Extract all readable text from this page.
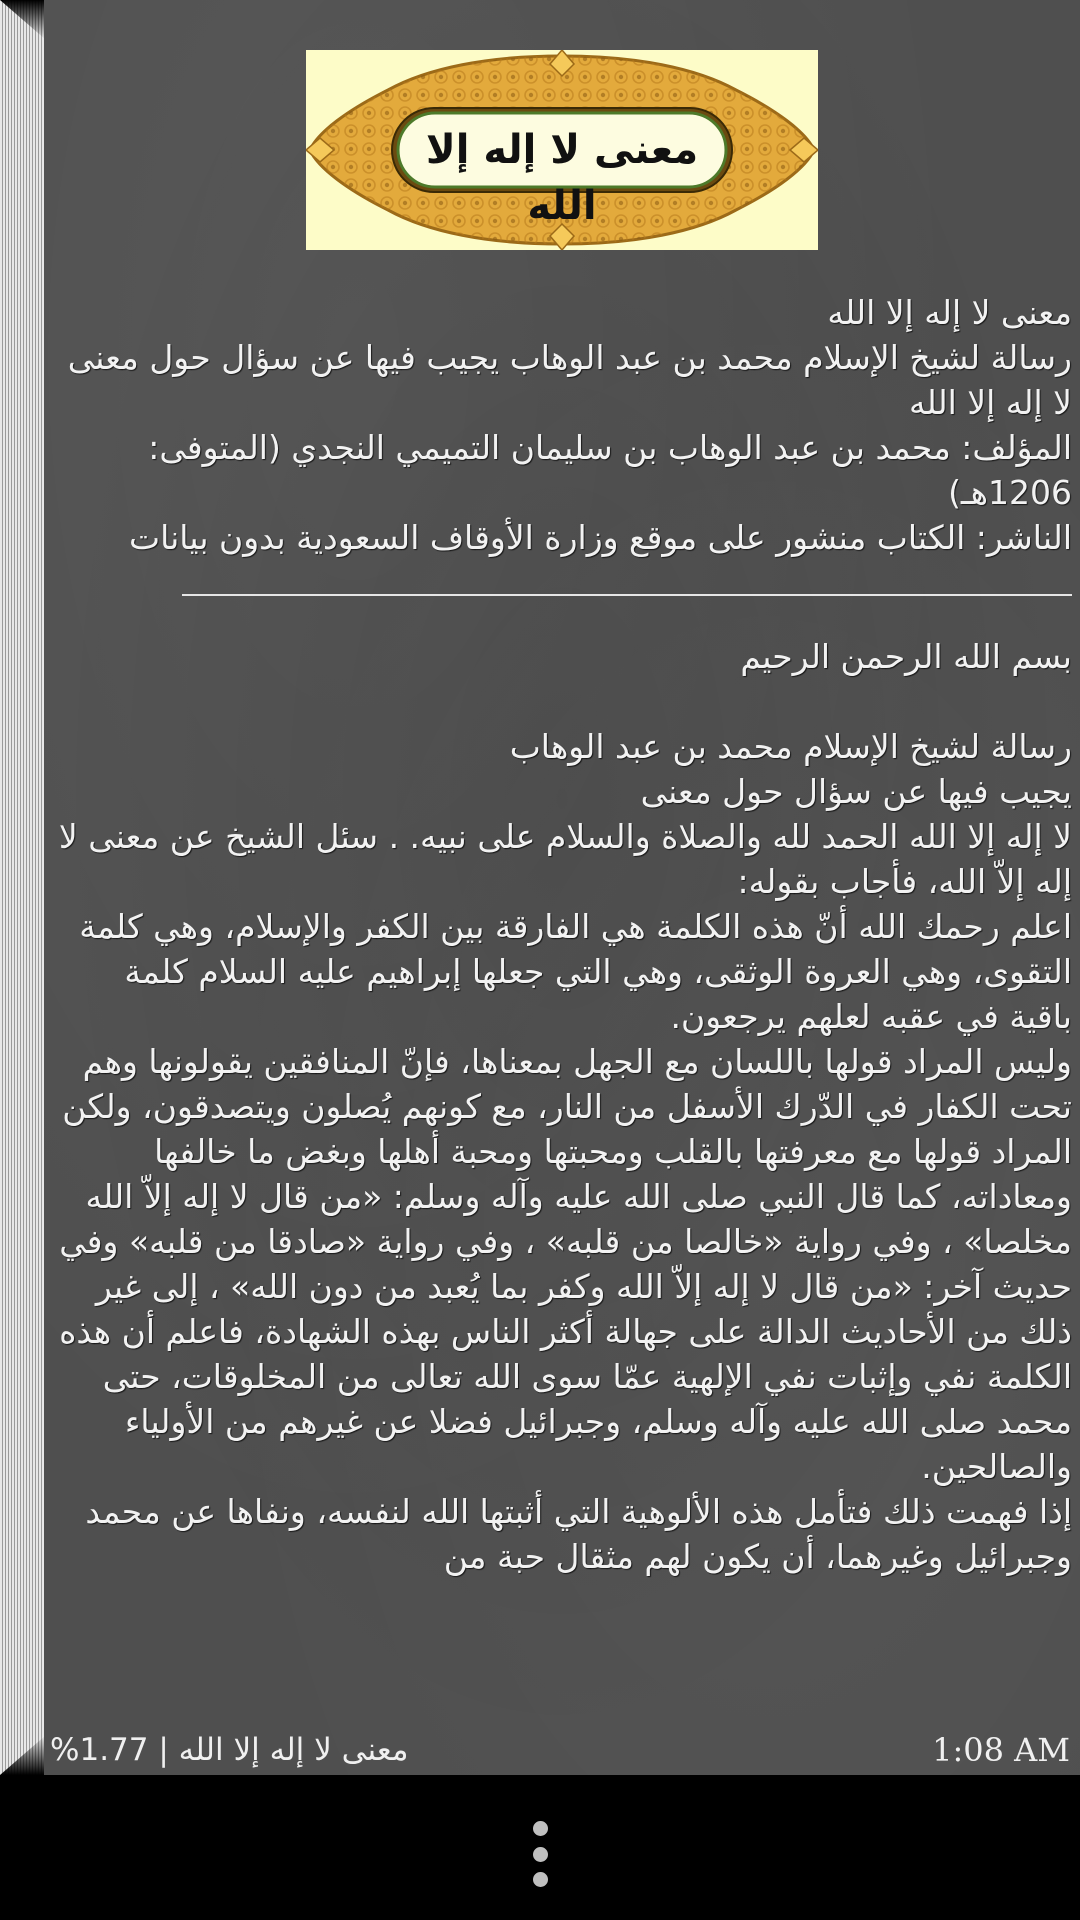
معنى لا إله إلا الله

معنى لا إله إلا الله

رسالة لشيخ الإسلام محمد بن عبد الوهاب يجيب فيها عن سؤال حول معنى لا إله إلا الله

المؤلف: محمد بن عبد الوهاب بن سليمان التميمي النجدي (المتوفى: 1206هـ)

الناشر: الكتاب منشور على موقع وزارة الأوقاف السعودية بدون بيانات

بسم الله الرحمن الرحيم

رسالة لشيخ الإسلام محمد بن عبد الوهاب

يجيب فيها عن سؤال حول معنى

لا إله إلا الله الحمد لله والصلاة والسلام على نبيه. . سئل الشيخ عن معنى لا إله إلاّ الله، فأجاب بقوله:

اعلم رحمك الله أنّ هذه الكلمة هي الفارقة بين الكفر والإسلام، وهي كلمة التقوى، وهي العروة الوثقى، وهي التي جعلها إبراهيم عليه السلام كلمة باقية في عقبه لعلهم يرجعون.

وليس المراد قولها باللسان مع الجهل بمعناها، فإنّ المنافقين يقولونها وهم تحت الكفار في الدّرك الأسفل من النار، مع كونهم يُصلون ويتصدقون، ولكن المراد قولها مع معرفتها بالقلب ومحبتها ومحبة أهلها وبغض ما خالفها ومعاداته، كما قال النبي صلى الله عليه وآله وسلم: «من قال لا إله إلاّ الله مخلصا» ، وفي رواية «خالصا من قلبه» ، وفي رواية «صادقا من قلبه» وفي حديث آخر: «من قال لا إله إلاّ الله وكفر بما يُعبد من دون الله» ، إلى غير ذلك من الأحاديث الدالة على جهالة أكثر الناس بهذه الشهادة، فاعلم أن هذه الكلمة نفي وإثبات نفي الإلهية عمّا سوى الله تعالى من المخلوقات، حتى محمد صلى الله عليه وآله وسلم، وجبرائيل فضلا عن غيرهم من الأولياء والصالحين.

إذا فهمت ذلك فتأمل هذه الألوهية التي أثبتها الله لنفسه، ونفاها عن محمد وجبرائيل وغيرهما، أن يكون لهم مثقال حبة من

معنى لا إله إلا الله | 1.77%	1:08 AM
